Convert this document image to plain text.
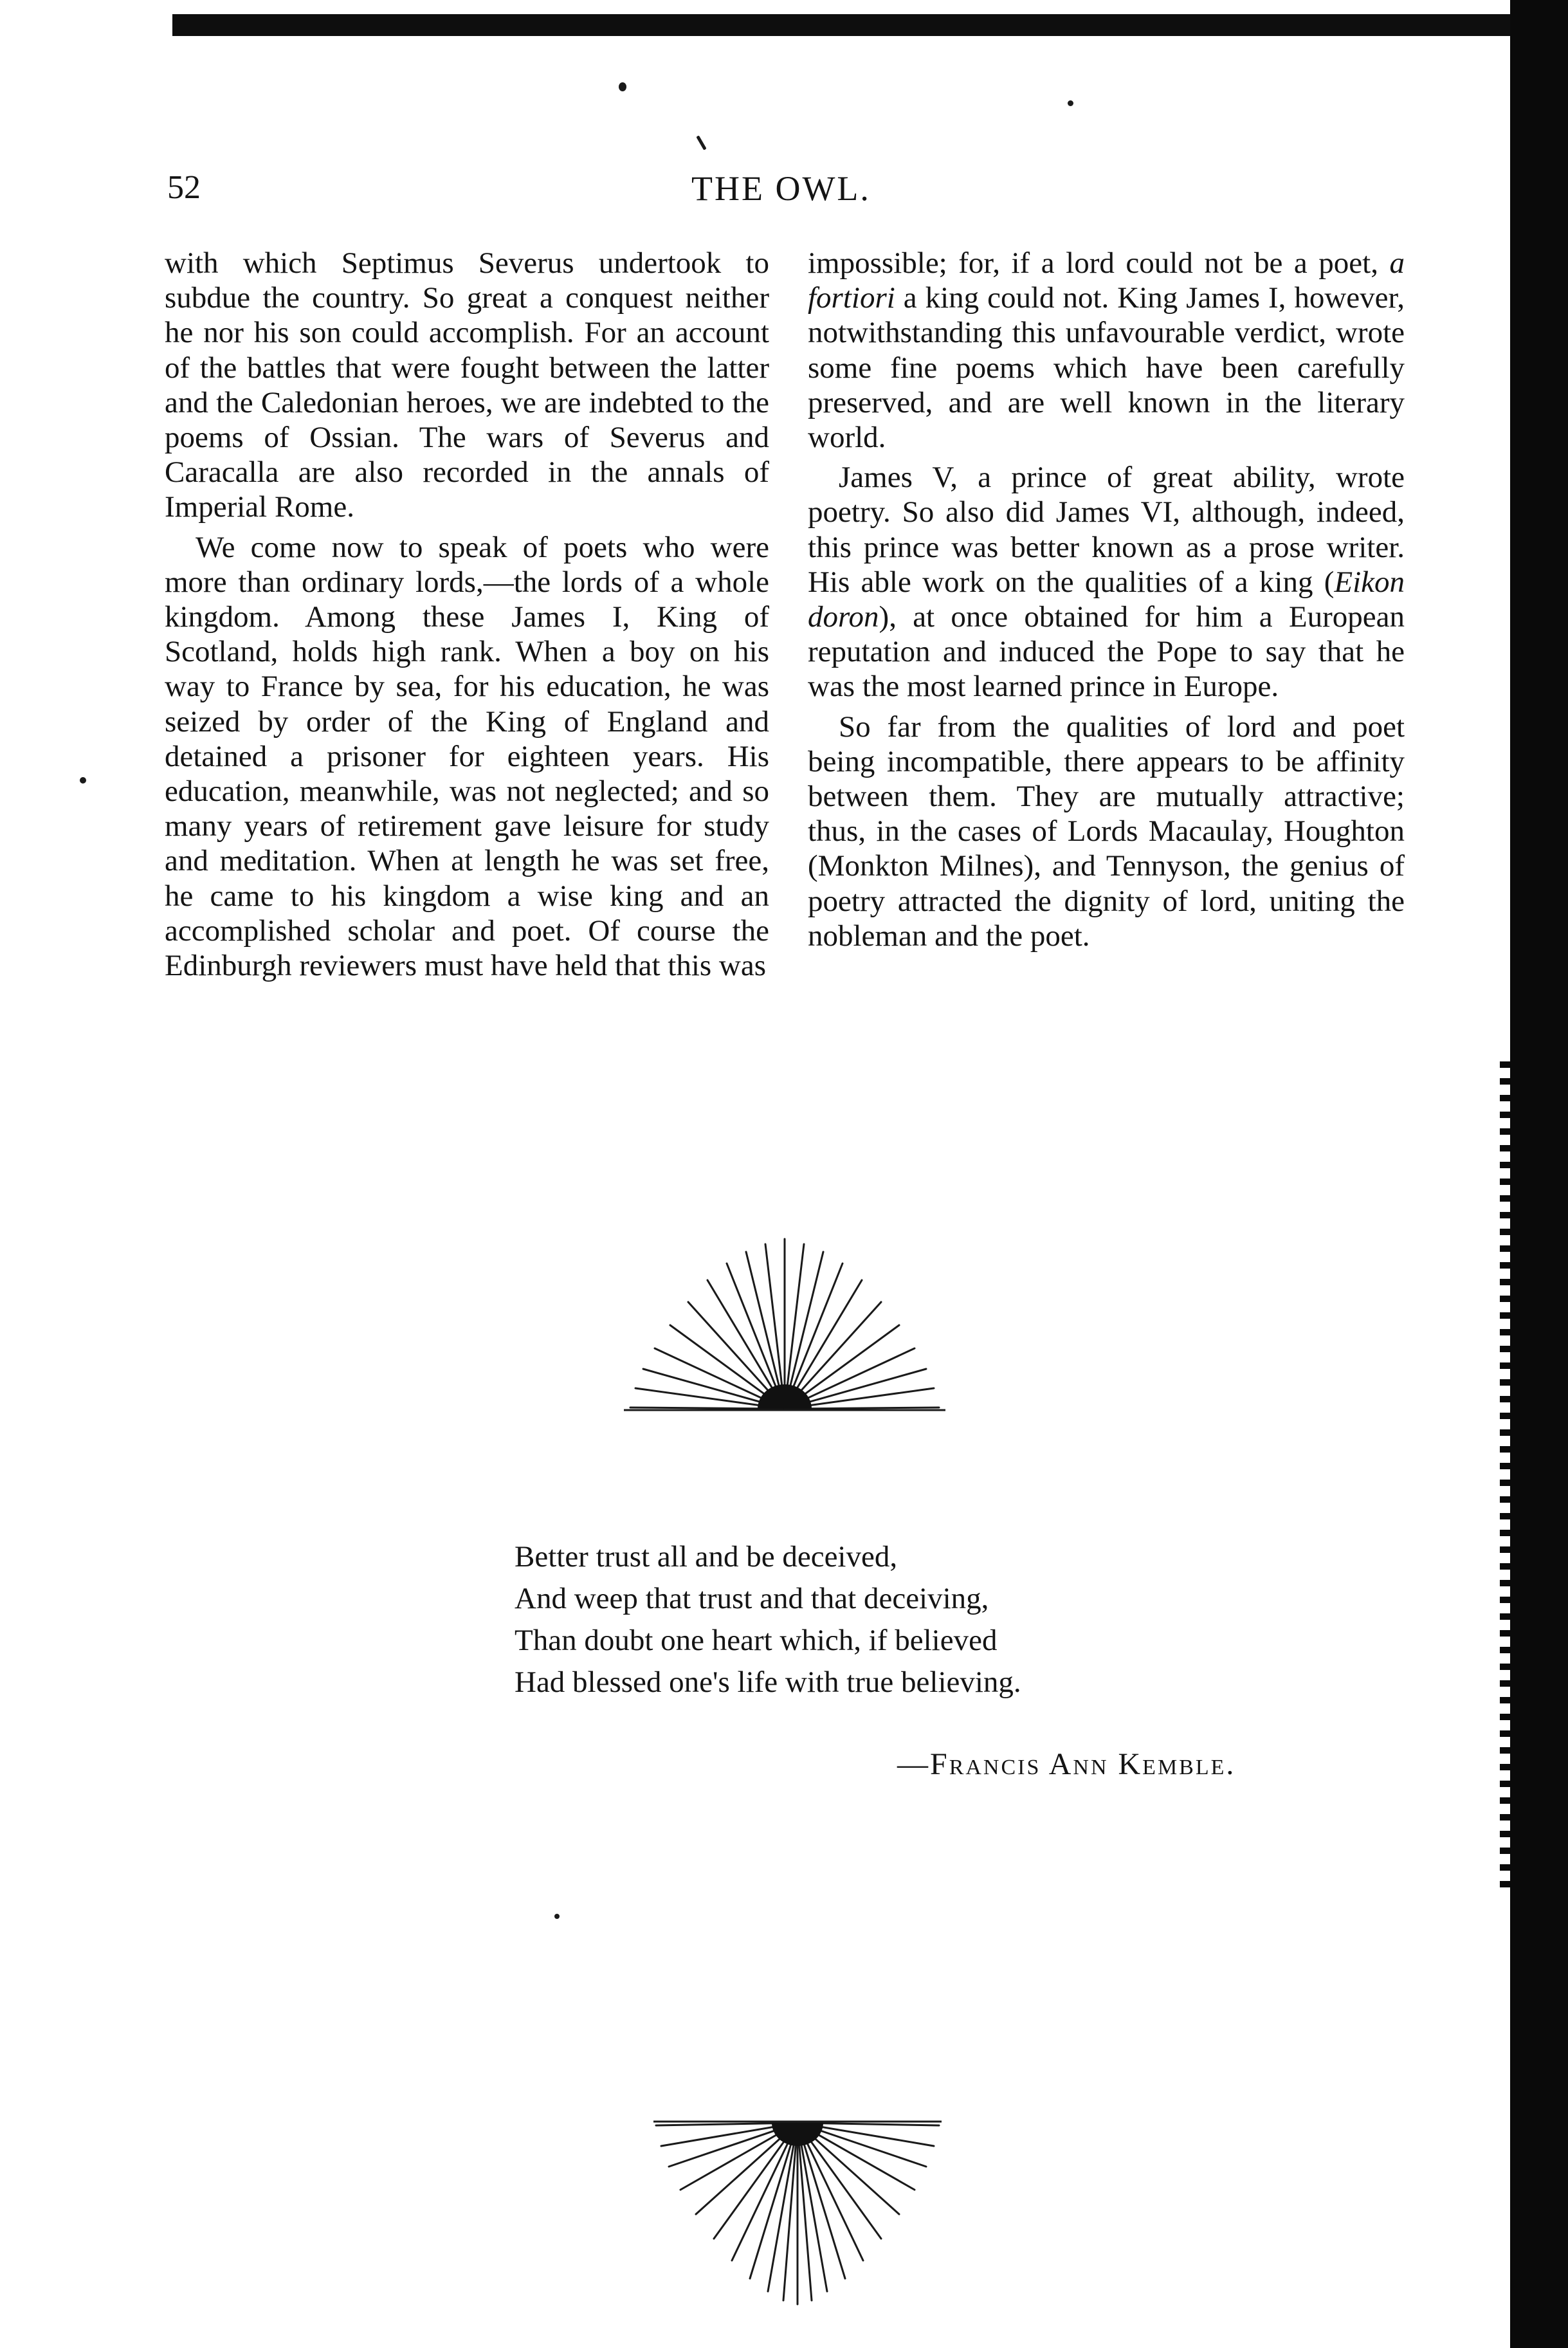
52	THE OWL.

with which Septimus Severus undertook to subdue the country. So great a conquest neither he nor his son could accomplish. For an account of the battles that were fought between the latter and the Caledonian heroes, we are indebted to the poems of Ossian. The wars of Severus and Caracalla are also recorded in the annals of Imperial Rome.

We come now to speak of poets who were more than ordinary lords,—the lords of a whole kingdom. Among these James I, King of Scotland, holds high rank. When a boy on his way to France by sea, for his education, he was seized by order of the King of England and detained a prisoner for eighteen years. His education, meanwhile, was not neglected; and so many years of retirement gave leisure for study and meditation. When at length he was set free, he came to his kingdom a wise king and an accomplished scholar and poet. Of course the Edinburgh reviewers must have held that this was

impossible; for, if a lord could not be a poet, a fortiori a king could not. King James I, however, notwithstanding this unfavourable verdict, wrote some fine poems which have been carefully preserved, and are well known in the literary world.

James V, a prince of great ability, wrote poetry. So also did James VI, although, indeed, this prince was better known as a prose writer. His able work on the qualities of a king (Eikon doron), at once obtained for him a European reputation and induced the Pope to say that he was the most learned prince in Europe.

So far from the qualities of lord and poet being incompatible, there appears to be affinity between them. They are mutually attractive; thus, in the cases of Lords Macaulay, Houghton (Monkton Milnes), and Tennyson, the genius of poetry attracted the dignity of lord, uniting the nobleman and the poet.

Better trust all and be deceived,
And weep that trust and that deceiving,
Than doubt one heart which, if believed
Had blessed one's life with true believing.
—Francis Ann Kemble.
